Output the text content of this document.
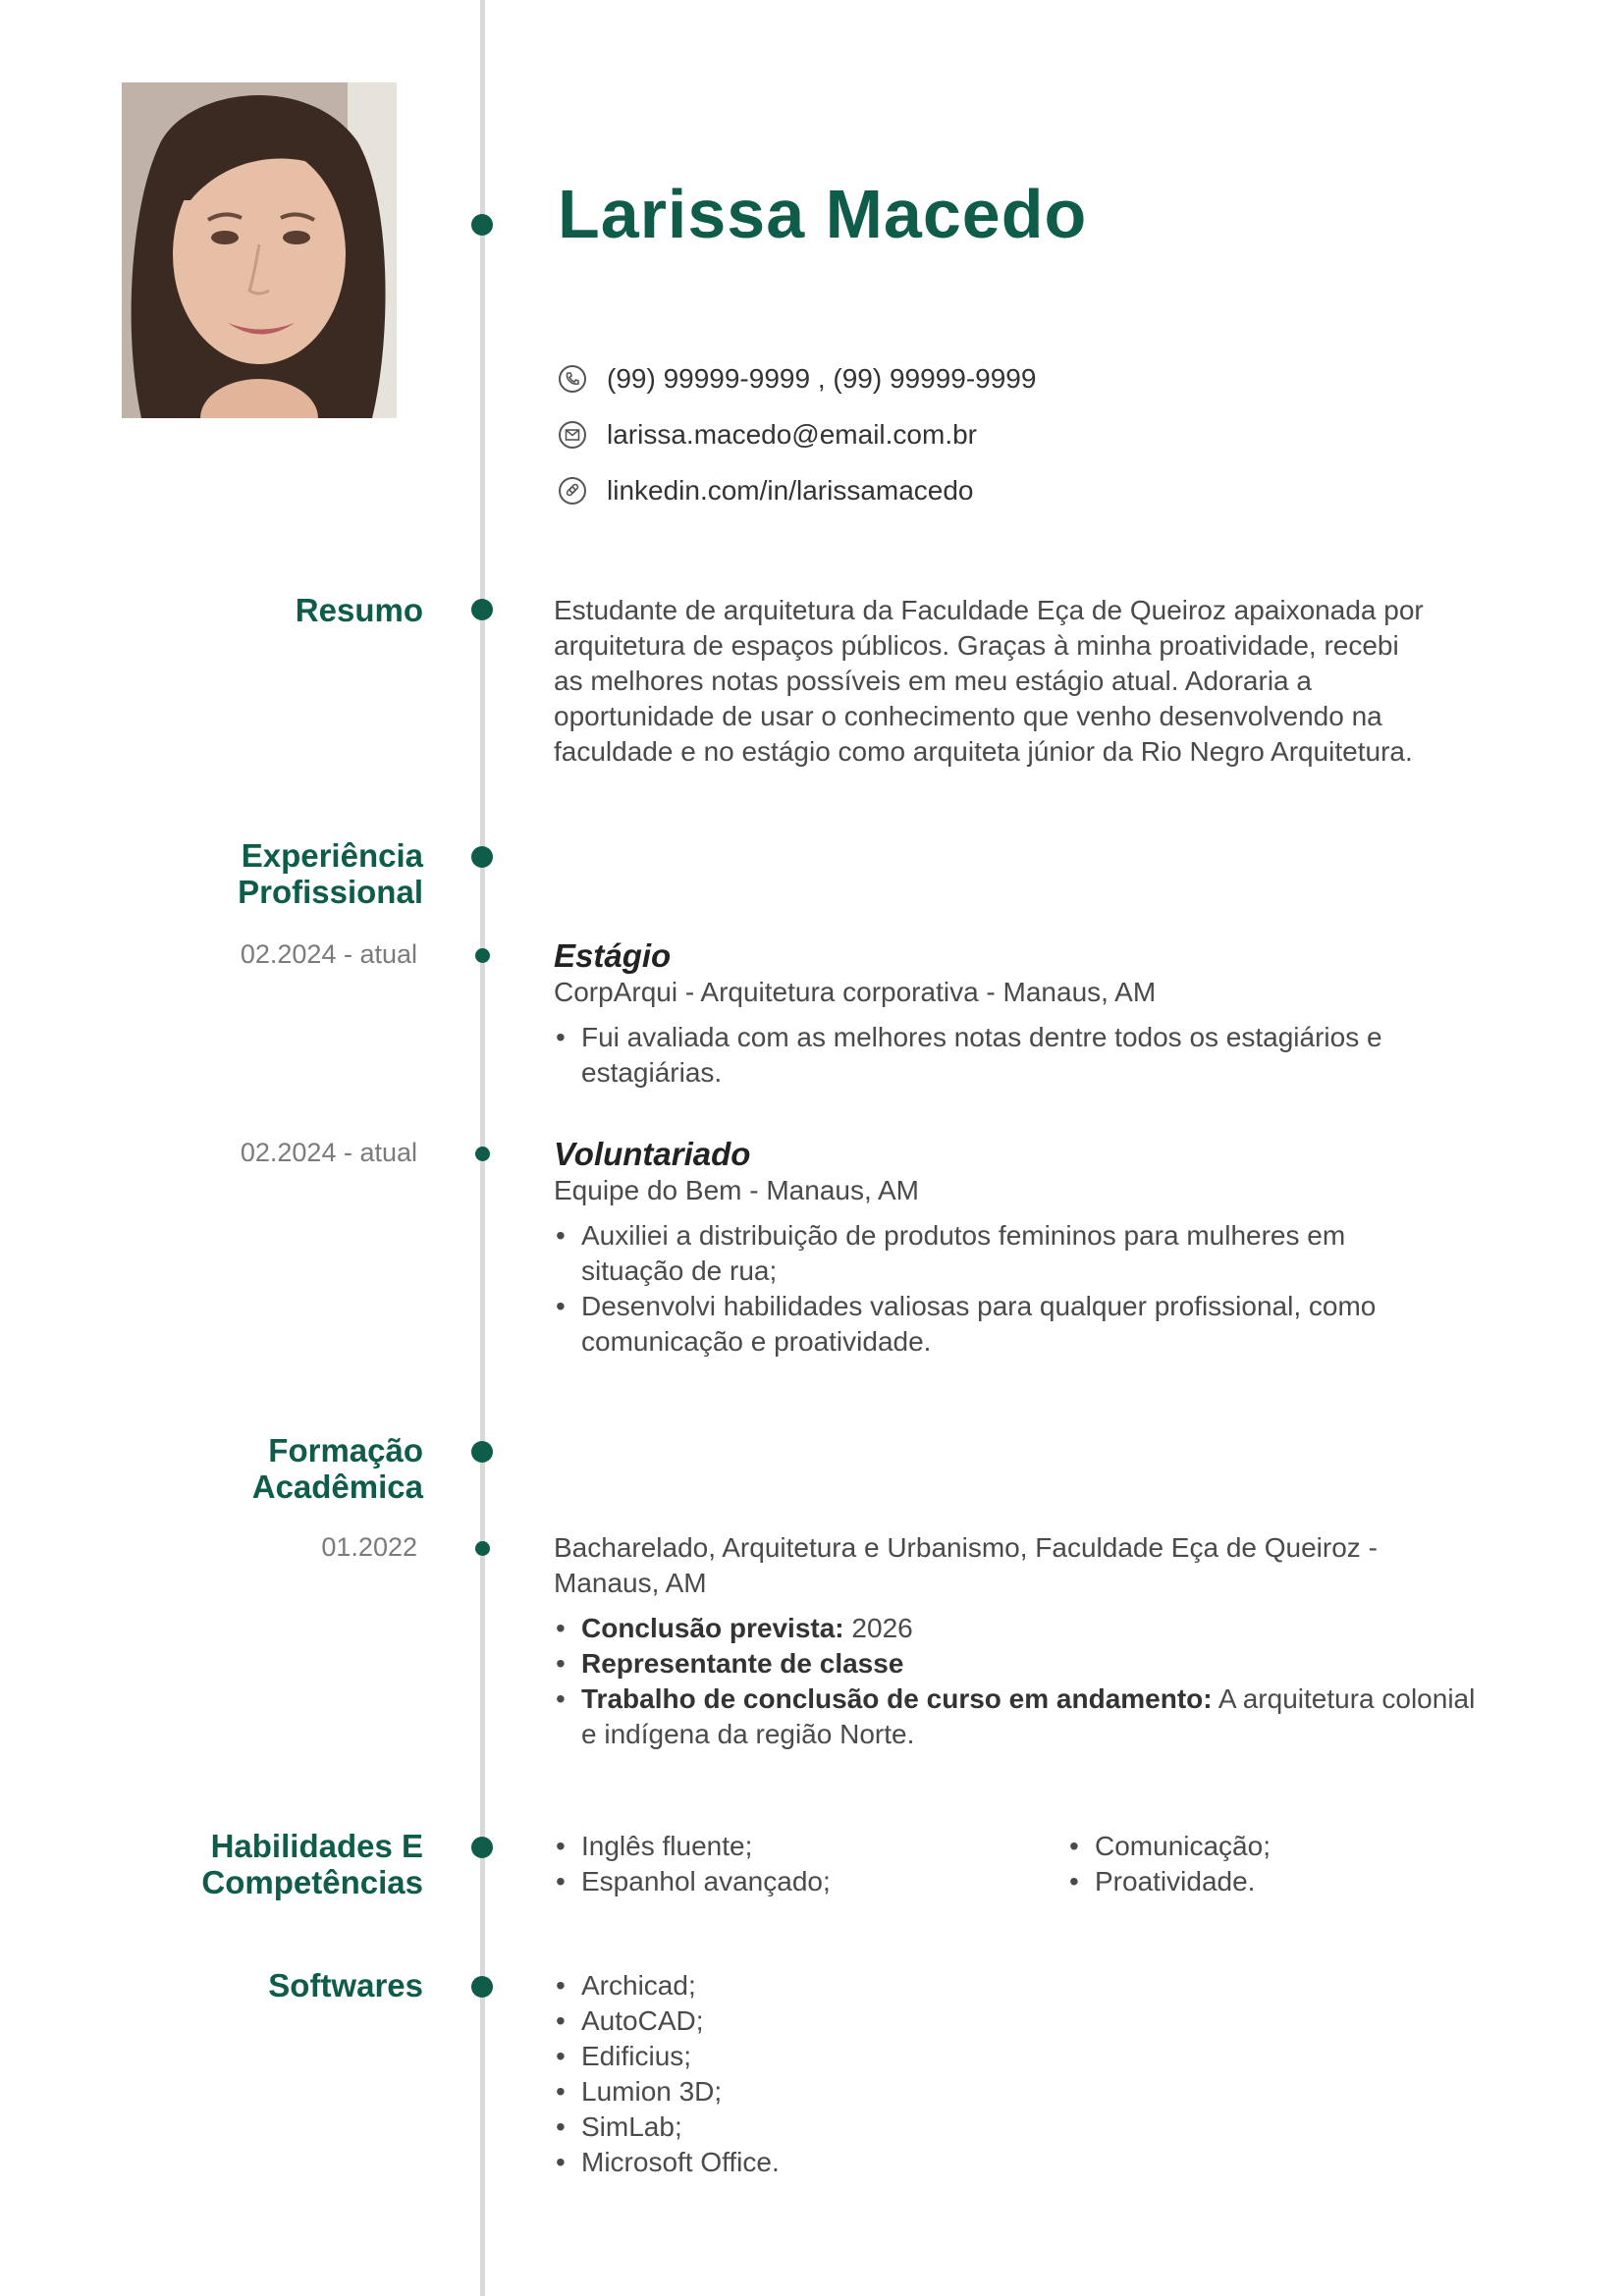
Larissa Macedo
(99) 99999-9999 , (99) 99999-9999
larissa.macedo@email.com.br
linkedin.com/in/larissamacedo
Resumo	Estudante de arquitetura da Faculdade Eça de Queiroz apaixonada por
arquitetura de espaços públicos. Graças à minha proatividade, recebi
as melhores notas possíveis em meu estágio atual. Adoraria a
oportunidade de usar o conhecimento que venho desenvolvendo na
faculdade e no estágio como arquiteta júnior da Rio Negro Arquitetura.
Experiência
Profissional
02.2024 - atual	Estágio
CorpArqui - Arquitetura corporativa - Manaus, AM
• Fui avaliada com as melhores notas dentre todos os estagiários e
estagiárias.
02.2024 - atual	Voluntariado
Equipe do Bem - Manaus, AM
• Auxiliei a distribuição de produtos femininos para mulheres em
situação de rua;
• Desenvolvi habilidades valiosas para qualquer profissional, como
comunicação e proatividade.
Formação
Acadêmica
01.2022	Bacharelado, Arquitetura e Urbanismo, Faculdade Eça de Queiroz -
Manaus, AM
• Conclusão prevista: 2026
• Representante de classe
• Trabalho de conclusão de curso em andamento: A arquitetura colonial
e indígena da região Norte.
Habilidades E
Competências
• Inglês fluente;
• Espanhol avançado;
• Comunicação;
• Proatividade.
Softwares
•	Archicad;
• AutoCAD;
• Edificius;
• Lumion 3D;
• SimLab;
• Microsoft Office.
